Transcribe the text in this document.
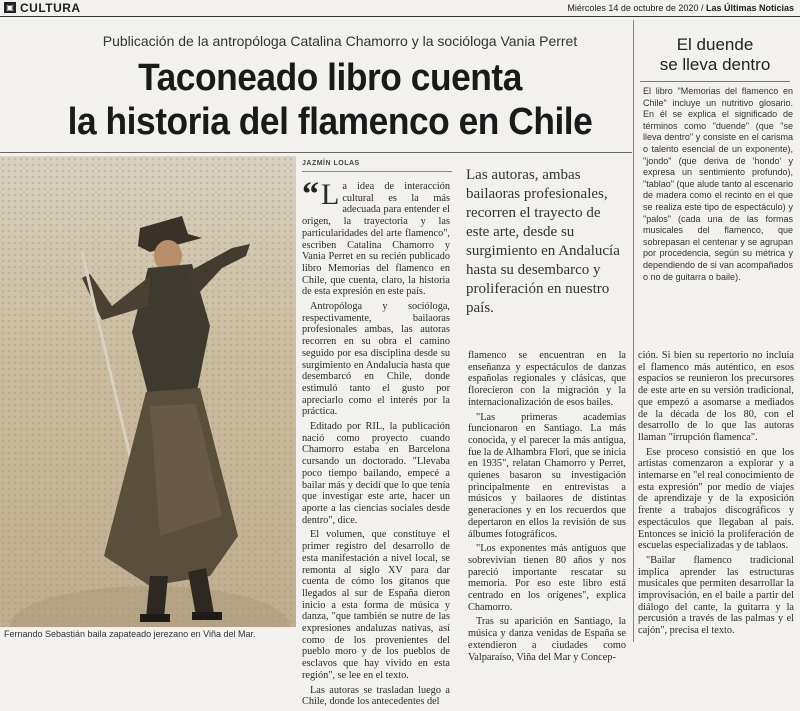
▣ CULTURA	Miércoles 14 de octubre de 2020 / Las Últimas Noticias
Publicación de la antropóloga Catalina Chamorro y la socióloga Vania Perret
Taconeado libro cuenta
la historia del flamenco en Chile
El duende
se lleva dentro
El libro "Memorias del flamenco en Chile" incluye un nutritivo glosario. En él se explica el significado de términos como "duende" (que "se lleva dentro" y consiste en el carisma o talento esencial de un exponente), "jondo" (que deriva de 'hondo' y expresa un sentimiento profundo), "tablao" (que alude tanto al escenario de madera como el recinto en el que se realiza este tipo de espectáculo) y "palos" (cada una de las formas musicales del flamenco, que sobrepasan el centenar y se agrupan por procedencia, según su métrica y dependiendo de si van acompañados o no de guitarra o baile).
Fernando Sebastián baila zapateado jerezano en Viña del Mar.
JAZMÍN LOLAS

“ L a idea de interacción cultural es la más adecuada para entender el origen, la trayectoria y las particularidades del arte flamenco", escriben Catalina Chamorro y Vania Perret en su recién publicado libro Memorias del flamenco en Chile, que cuenta, claro, la historia de esta expresión en este país.

Antropóloga y socióloga, respectivamente, bailaoras profesionales ambas, las autoras recorren en su obra el camino seguido por esa disciplina desde su surgimiento en Andalucía hasta que desembarcó en Chile, donde estimuló tanto el gusto por apreciarlo como el interés por la práctica.

Editado por RIL, la publicación nació como proyecto cuando Chamorro estaba en Barcelona cursando un doctorado. "Llevaba poco tiempo bailando, empecé a bailar más y decidí que lo que tenía que investigar este arte, hacer un aporte a las ciencias sociales desde dentro", dice.

El volumen, que constituye el primer registro del desarrollo de esta manifestación a nivel local, se remonta al siglo XV para dar cuenta de cómo los gitanos que llegados al sur de España dieron inicio a esta forma de música y danza, "que también se nutre de las expresiones andaluzas nativas, así como de los provenientes del pueblo moro y de los pueblos de esclavos que hay vivido en esta región", se lee en el texto.

Las autoras se trasladan luego a Chile, donde los antecedentes del

Las autoras, ambas bailaoras profesionales, recorren el trayecto de este arte, desde su surgimiento en Andalucía hasta su desembarco y proliferación en nuestro país.

flamenco se encuentran en la enseñanza y espectáculos de danzas españolas regionales y clásicas, que florecieron con la migración y la internacionalización de esos bailes.

"Las primeras academias funcionaron en Santiago. La más conocida, y el parecer la más antigua, fue la de Alhambra Flori, que se inicia en 1935", relatan Chamorro y Perret, quienes basaron su investigación principalmente en entrevistas a músicos y bailaores de distintas generaciones y en los recuerdos que depertaron en ellos la revisión de sus álbumes fotográficos.

"Los exponentes más antiguos que sobrevivían tienen 80 años y nos pareció importante rescatar su memoria. Por eso este libro está centrado en los orígenes", explica Chamorro.

Tras su aparición en Santiago, la música y danza venidas de España se extendieron a ciudades como Valparaíso, Viña del Mar y Concep-

ción. Si bien su repertorio no incluía el flamenco más auténtico, en esos espacios se reunieron los precursores de este arte en su versión tradicional, que empezó a asomarse a mediados de la década de los 80, con el desarrollo de lo que las autoras llaman "irrupción flamenca".

Ese proceso consistió en que los artistas comenzaron a explorar y a intemarse en "el real conocimiento de esta expresión" por medio de viajes de aprendizaje y de la exposición frente a trabajos discográficos y espectáculos que llegaban al país. Entonces se inició la proliferación de escuelas especializadas y de tablaos.

"Bailar flamenco tradicional implica aprender las estructuras musicales que permiten desarrollar la improvisación, en el baile a partir del diálogo del cante, la guitarra y la percusión a través de las palmas y el cajón", precisa el texto.
